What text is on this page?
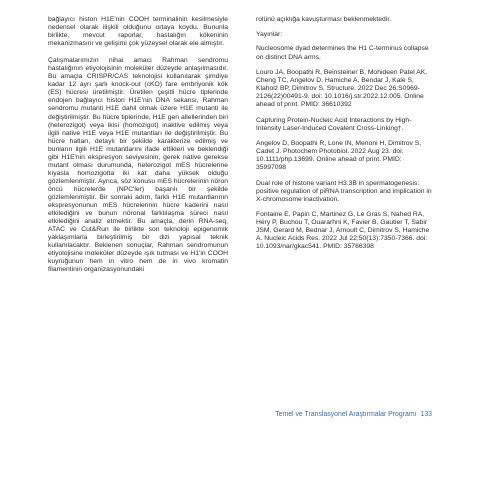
bağlayıcı histon H1E'nin COOH terminalinin kesilmesiyle nedensel olarak ilişkili olduğunu ortaya koydu. Bununla birlikte, mevcut raporlar, hastalığın kökeninin mekanizmasını ve gelişimi çok yüzeysel olarak ele almıştır.

Çalışmalarımızın nihai amacı Rahman sendromu hastalığının etiyolojisinin moleküler düzeyde anlaşılmasıdır. Bu amaçla CRISPR/CAS teknolojisi kullanılarak şimdiye kadar 12 ayrı şarlı knock-out (cKO) fare embriyonik kök (ES) hücresi üretilmiştir. Üretilen çeşitli hücre tiplerinde endojen bağlayıcı histon H1E'nin DNA sekansı, Rahman sendromu mutanti H1E dahil olmak üzere H1E mutanti ile değiştirilmiştir. Bu hücre tiplerinde, H1E gen allellerinden biri (heterozigot) veya ikisi (homozigot) inaktive edilmiş veya ilgili native H1E veya H1E mutantları ile değiştirilmiştir. Bu hücre hatları, detaylı bir şekilde karakterize edilmiş ve bunların ilgili H1E mutantlarını ifade ettikleri ve beklendiği gibi H1E'nin ekspresyon seviyesinin, gerek native gerekse mutant olması durumunda, heterozigot mES hücrelerine kıyasla homozigotta iki kat daha yüksek olduğu gözlemlenmiştir. Ayrıca, söz konusu mES hücrelerinin nöron öncü hücrelerde (NPC'ler) başarılı bir şekilde gözlemlenmiştir. Bir sonraki adım, farklı H1E mutantlarının ekspresyonunun mES hücrelerinin hücre kaderini nasıl etkilediğini ve bunun nöronal farklılaşma süreci nasıl etkilediğini analiz etmektir. Bu amaçla, derin RNA-seq, ATAC ve Cut&Run ile birlikte son teknoloji epigenomik yaklaşımlarla birleştirilmiş bir dizi yapısal teknik kullanılacaktır. Beklenen sonuçlar, Rahman sendromunun etiyolojisine moleküler düzeyde ışık tutması ve H1'in COOH kuyruğunun hem in vitro hem de in vivo kromatin filamentinin organizasyonundaki

rolünü açıklığa kavuşturması beklenmektedir.

Yayınlar:

Nucleosome dyad determines the H1 C-terminus collapse on distinct DNA arms.

Louro JA, Boopathi R, Beinsteiner B, Mohideen Patel AK, Cheng TC, Angelov D, Hamiche A, Bendar J, Kale S, Klaholz BP, Dimitrov S. Structure. 2022 Dec 26:S0969-2126(22)00491-9. doi: 10.1016/j.str.2022.12.005. Online ahead of print. PMID: 36610392

Capturing Protein-Nucleic Acid Interactions by High-Intensity Laser-Induced Covalent Cross-Linking†.

Angelov D, Boopathi R, Lone IN, Menoni H, Dimitrov S, Cadet J. Photochem Photobiol. 2022 Aug 23. doi: 10.1111/php.13699. Online ahead of print. PMID: 35997098

Dual role of histone variant H3.3B in spermatogenesis: positive regulation of piRNA transcription and implication in X-chromosome inactivation.

Fontaine E, Papin C, Martinez G, Le Gras S, Nahed RA, Héry P, Buchou T, Ouararhni K, Favier B, Gautier T, Sabir JSM, Gerard M, Bednar J, Arnoult C, Dimitrov S, Hamiche A. Nucleic Acids Res. 2022 Jul 22;50(13):7350-7366. doi: 10.1093/nar/gkac541. PMID: 35766398

Temel ve Translasyonel Araştırmalar Programı 133
